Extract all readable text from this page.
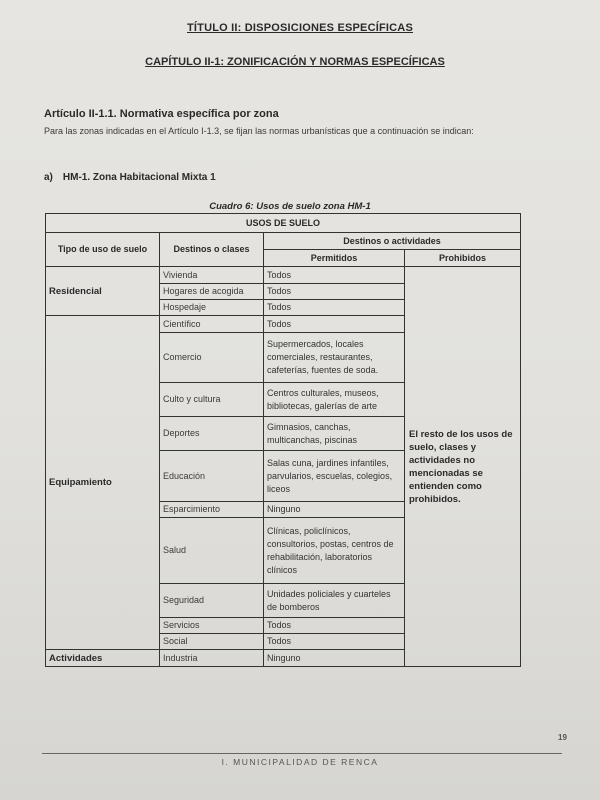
TÍTULO II: DISPOSICIONES ESPECÍFICAS
CAPÍTULO II-1: ZONIFICACIÓN Y NORMAS ESPECÍFICAS
Artículo II-1.1. Normativa específica por zona
Para las zonas indicadas en el Artículo I-1.3, se fijan las normas urbanísticas que a continuación se indican:
a) HM-1. Zona Habitacional Mixta 1
Cuadro 6: Usos de suelo zona HM-1
USOS DE SUELO			
Tipo de uso de suelo	Destinos o clases	Destinos o actividades	
		Permitidos	Prohibidos
Residencial	Vivienda	Todos	El resto de los usos de suelo, clases y actividades no mencionadas se entienden como prohibidos.
	Hogares de acogida	Todos	
	Hospedaje	Todos	
Equipamiento	Científico	Todos	
	Comercio	Supermercados, locales comerciales, restaurantes, cafeterías, fuentes de soda.	
	Culto y cultura	Centros culturales, museos, bibliotecas, galerías de arte	
	Deportes	Gimnasios, canchas, multicanchas, piscinas	
	Educación	Salas cuna, jardines infantiles, parvularios, escuelas, colegios, liceos	
	Esparcimiento	Ninguno	
	Salud	Clínicas, policlínicos, consultorios, postas, centros de rehabilitación, laboratorios clínicos	
	Seguridad	Unidades policiales y cuarteles de bomberos	
	Servicios	Todos	
	Social	Todos	
Actividades	Industria	Ninguno	
19
I. MUNICIPALIDAD DE RENCA
